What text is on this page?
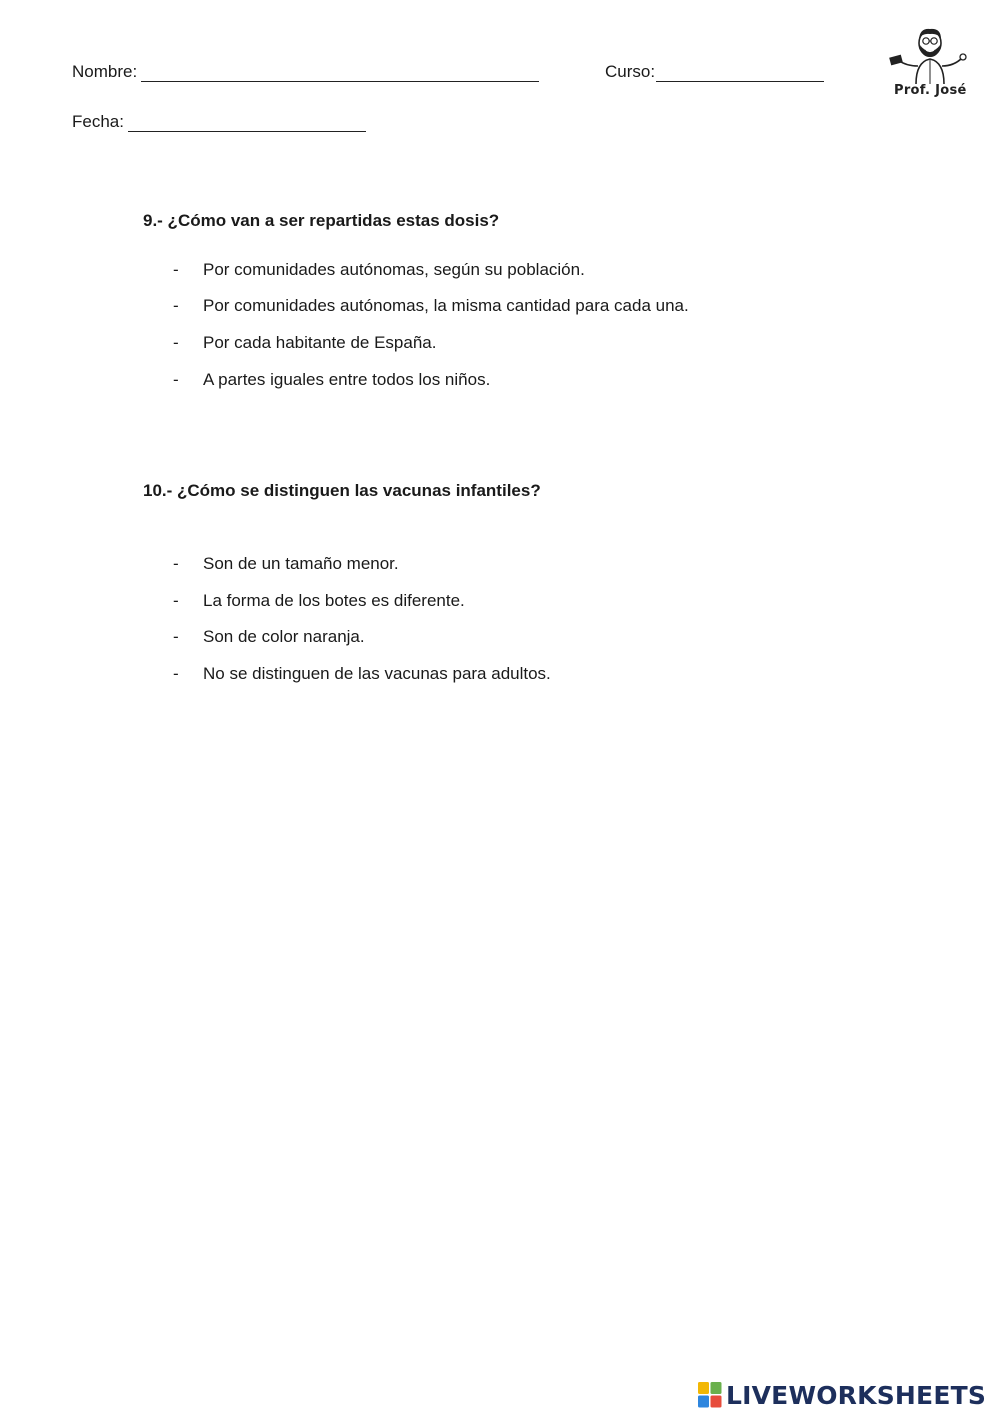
Nombre:	Curso:
Fecha:
Prof. José
9.- ¿Cómo van a ser repartidas estas dosis?
-	Por comunidades autónomas, según su población.
-	Por comunidades autónomas, la misma cantidad para cada una.
-	Por cada habitante de España.
-	A partes iguales entre todos los niños.
10.- ¿Cómo se distinguen las vacunas infantiles?
-	Son de un tamaño menor.
-	La forma de los botes es diferente.
-	Son de color naranja.
-	No se distinguen de las vacunas para adultos.
LIVEWORKSHEETS
